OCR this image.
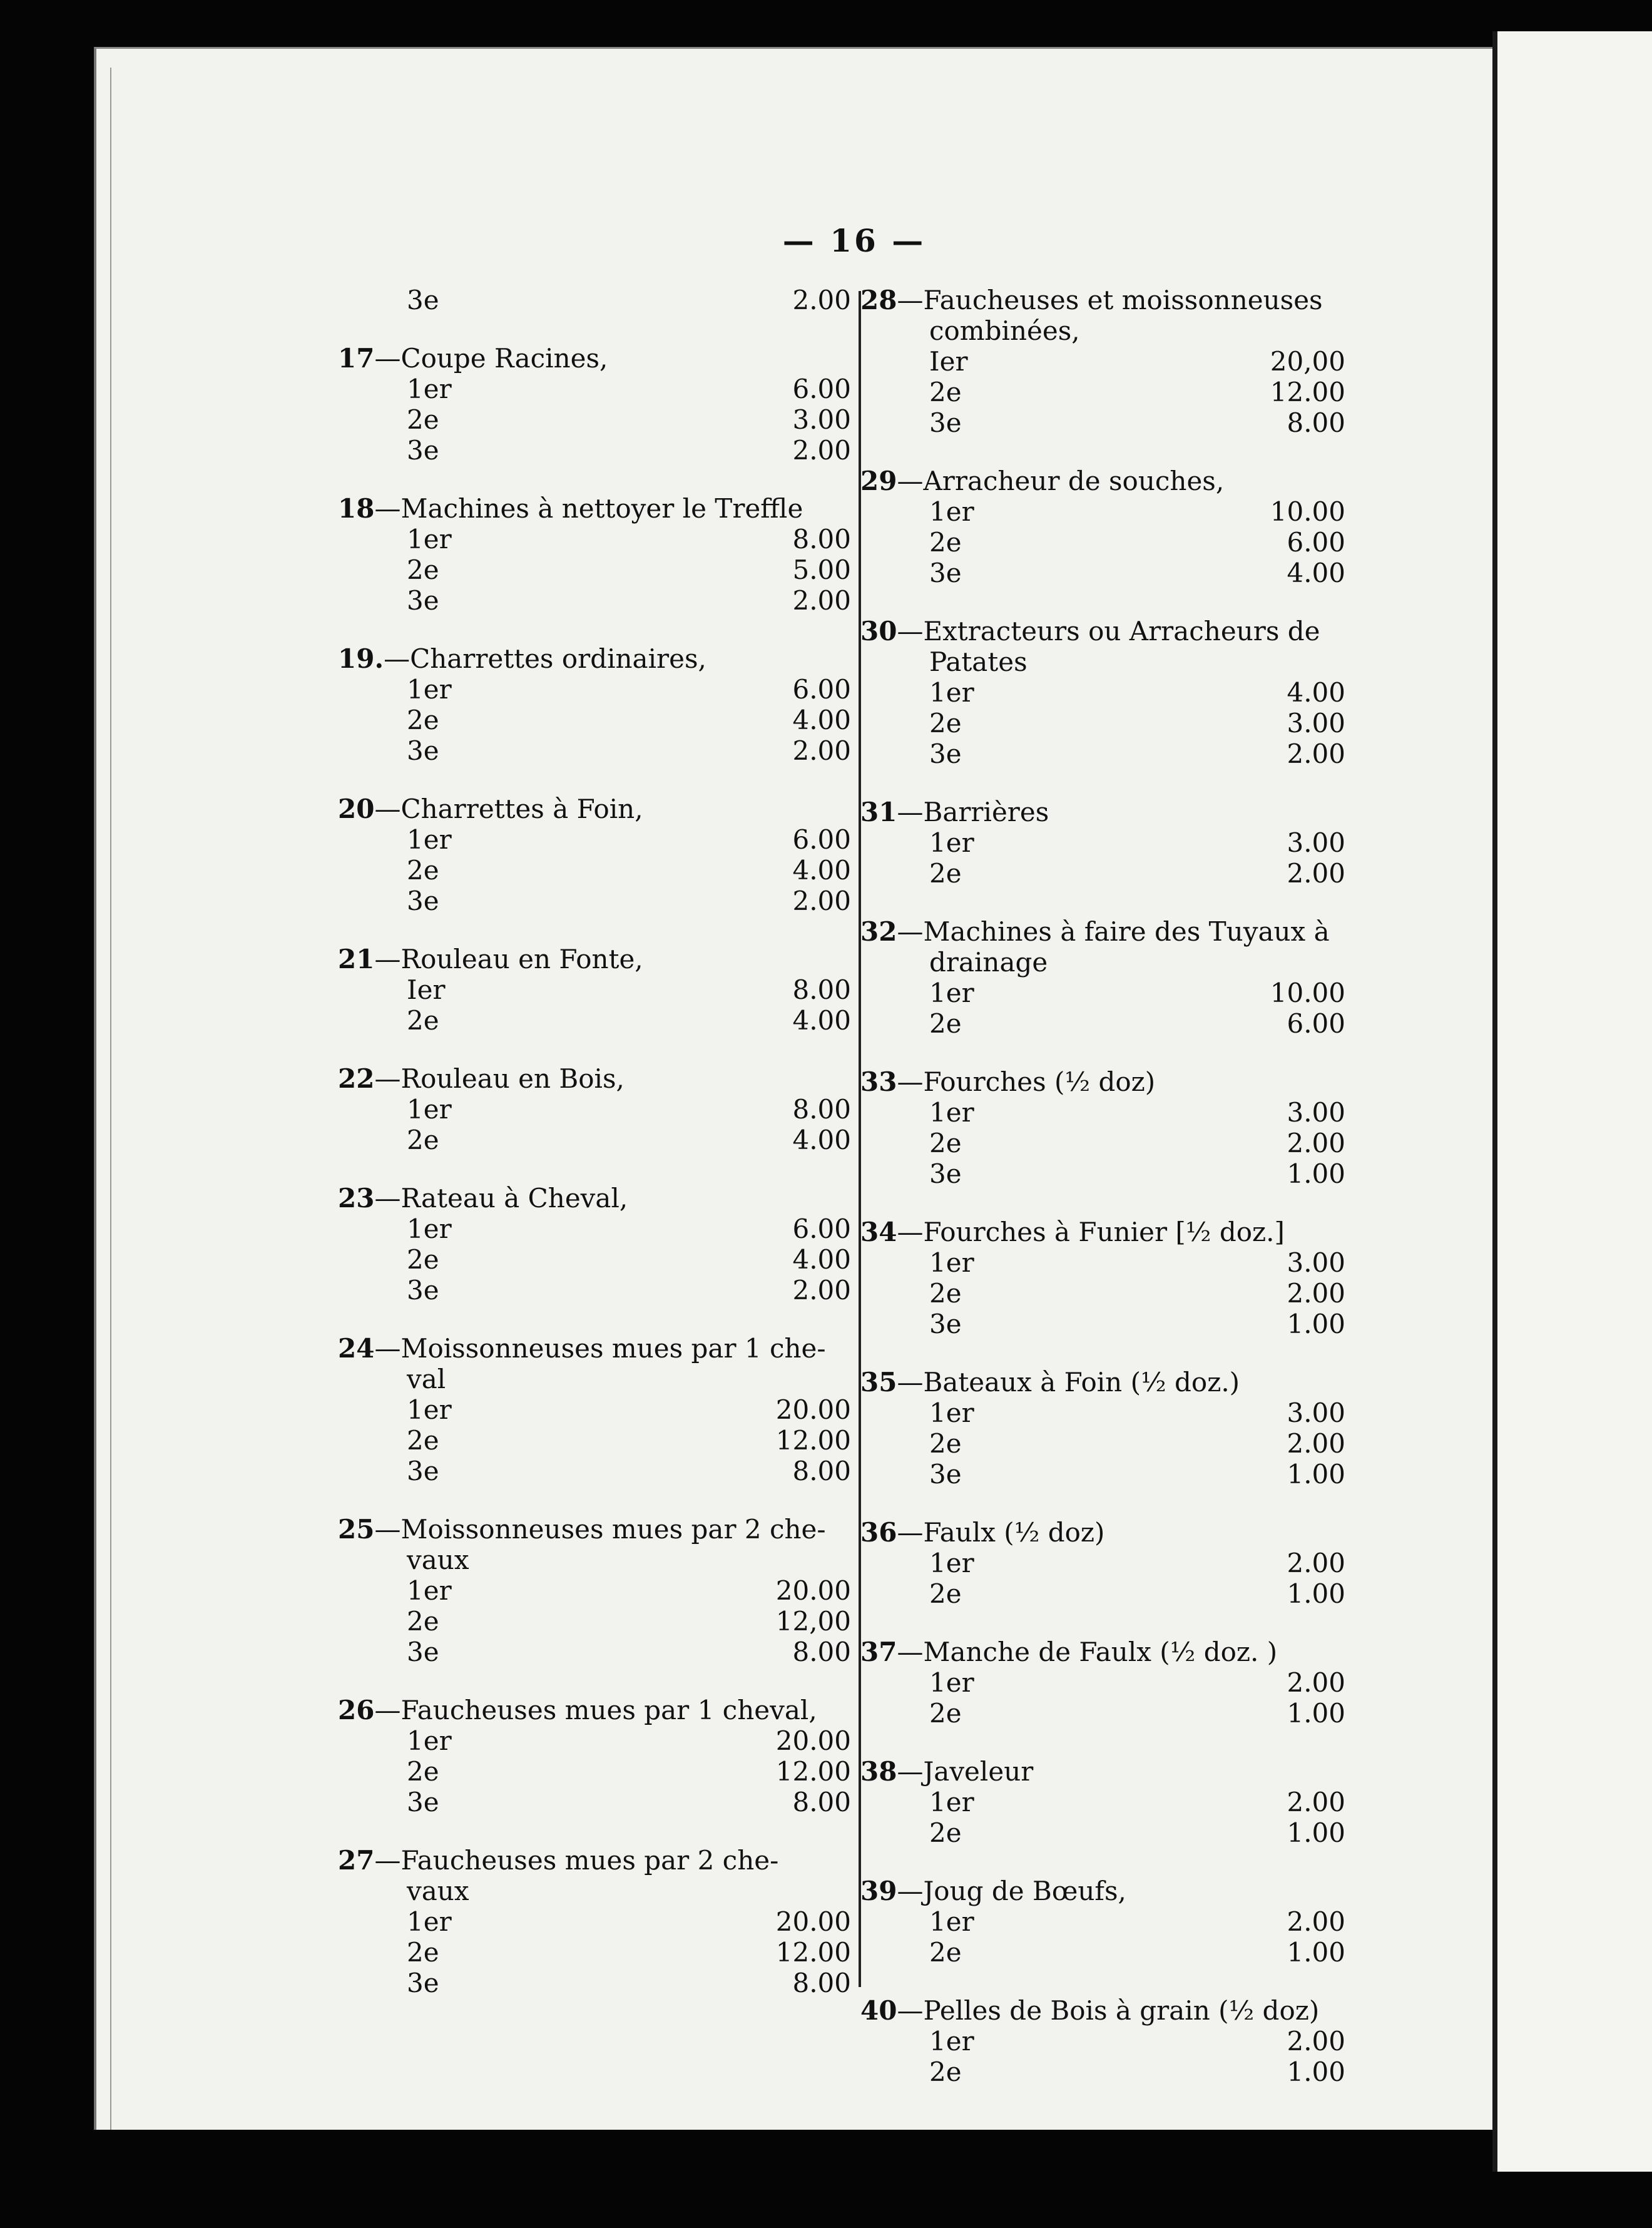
— 16 —
3e	2.00
17—Coupe Racines,
1er	6.00
2e	3.00
3e	2.00
18—Machines à nettoyer le Treffle
1er	8.00
2e	5.00
3e	2.00
19.—Charrettes ordinaires,
1er	6.00
2e	4.00
3e	2.00
20—Charrettes à Foin,
1er	6.00
2e	4.00
3e	2.00
21—Rouleau en Fonte,
Ier	8.00
2e	4.00
22—Rouleau en Bois,
1er	8.00
2e	4.00
23—Rateau à Cheval,
1er	6.00
2e	4.00
3e	2.00
24—Moissonneuses mues par 1 che-
val
1er	20.00
2e	12.00
3e	8.00
25—Moissonneuses mues par 2 che-
vaux
1er	20.00
2e	12,00
3e	8.00
26—Faucheuses mues par 1 cheval,
1er	20.00
2e	12.00
3e	8.00
27—Faucheuses mues par 2 che-
vaux
1er	20.00
2e	12.00
3e	8.00
28—Faucheuses et moissonneuses
combinées,
Ier	20,00
2e	12.00
3e	8.00
29—Arracheur de souches,
1er	10.00
2e	6.00
3e	4.00
30—Extracteurs ou Arracheurs de
Patates
1er	4.00
2e	3.00
3e	2.00
31—Barrières
1er	3.00
2e	2.00
32—Machines à faire des Tuyaux à
drainage
1er	10.00
2e	6.00
33—Fourches (½ doz)
1er	3.00
2e	2.00
3e	1.00
34—Fourches à Funier [½ doz.]
1er	3.00
2e	2.00
3e	1.00
35—Bateaux à Foin (½ doz.)
1er	3.00
2e	2.00
3e	1.00
36—Faulx (½ doz)
1er	2.00
2e	1.00
37—Manche de Faulx (½ doz. )
1er	2.00
2e	1.00
38—Javeleur
1er	2.00
2e	1.00
39—Joug de Bœufs,
1er	2.00
2e	1.00
40—Pelles de Bois à grain (½ doz)
1er	2.00
2e	1.00
